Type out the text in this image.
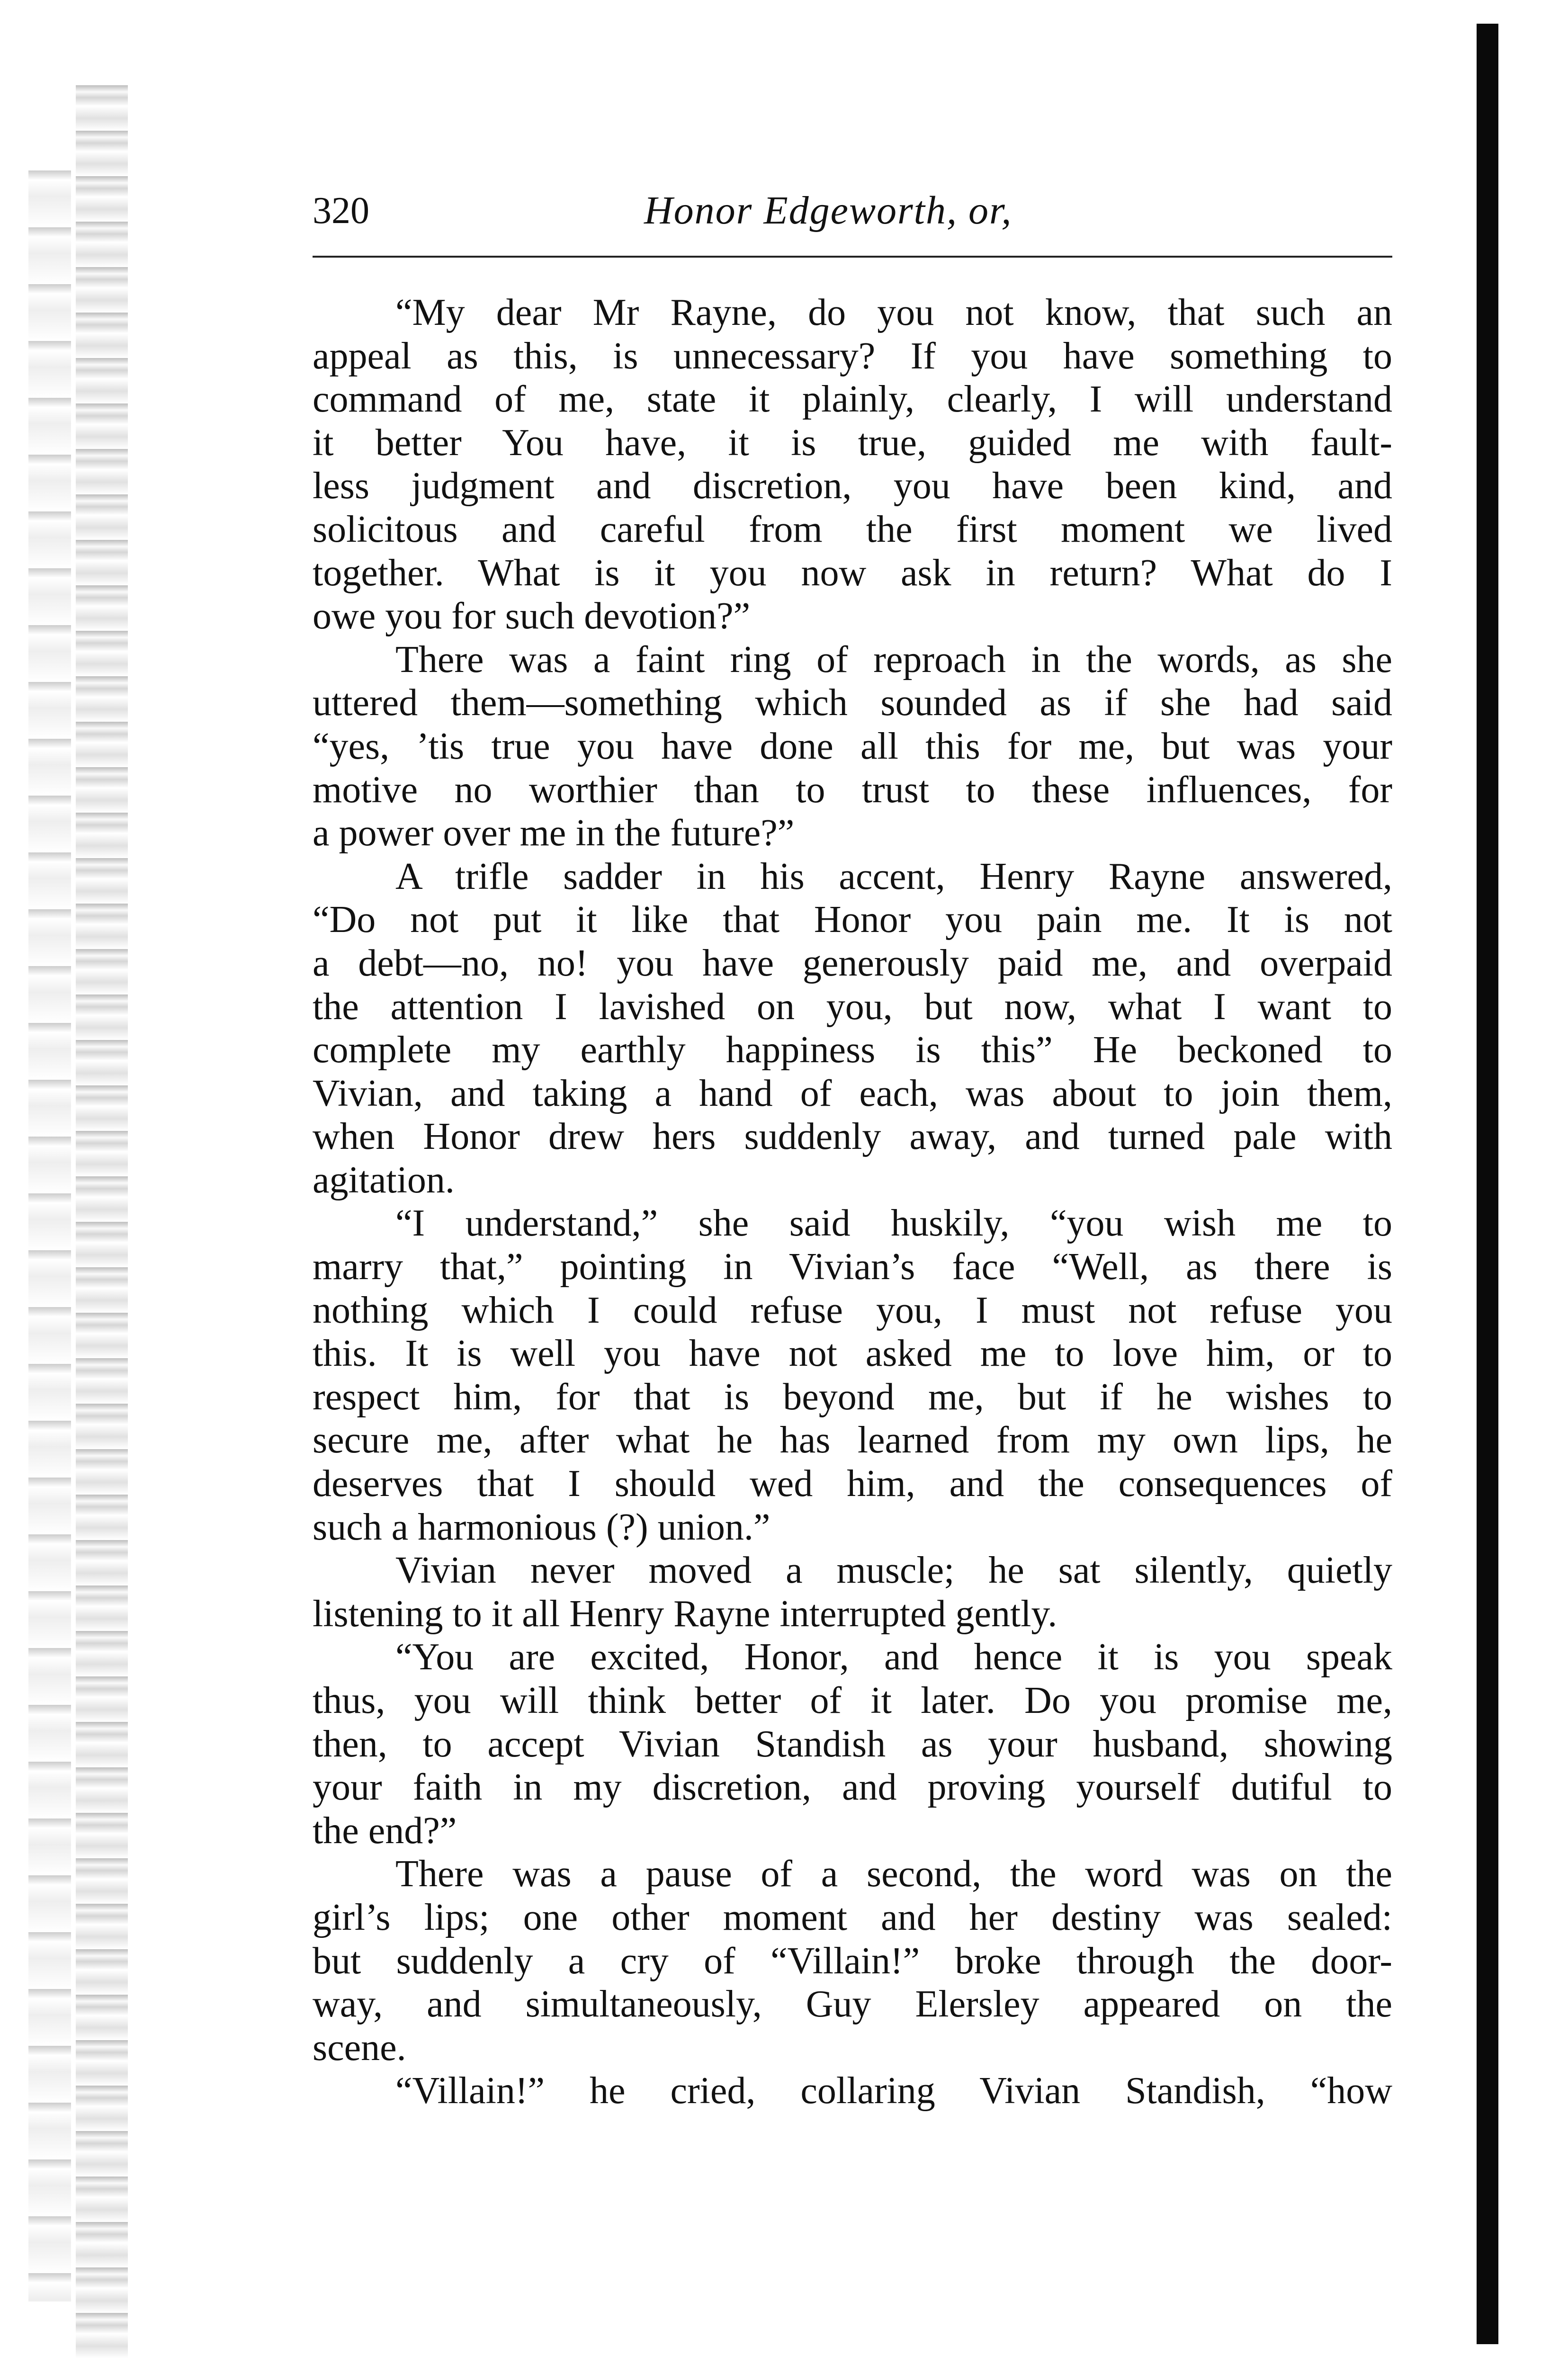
320	Honor Edgeworth, or,
“My dear Mr Rayne, do you not know, that such an
appeal as this, is unnecessary? If you have something to
command of me, state it plainly, clearly, I will understand
it better You have, it is true, guided me with fault-
less judgment and discretion, you have been kind, and
solicitous and careful from the first moment we lived
together. What is it you now ask in return? What do I
owe you for such devotion?”
There was a faint ring of reproach in the words, as she
uttered them—something which sounded as if she had said
“yes, ’tis true you have done all this for me, but was your
motive no worthier than to trust to these influences, for
a power over me in the future?”
A trifle sadder in his accent, Henry Rayne answered,
“Do not put it like that Honor you pain me. It is not
a debt—no, no! you have generously paid me, and overpaid
the attention I lavished on you, but now, what I want to
complete my earthly happiness is this” He beckoned to
Vivian, and taking a hand of each, was about to join them,
when Honor drew hers suddenly away, and turned pale with
agitation.
“I understand,” she said huskily, “you wish me to
marry that,” pointing in Vivian’s face “Well, as there is
nothing which I could refuse you, I must not refuse you
this. It is well you have not asked me to love him, or to
respect him, for that is beyond me, but if he wishes to
secure me, after what he has learned from my own lips, he
deserves that I should wed him, and the consequences of
such a harmonious (?) union.”
Vivian never moved a muscle; he sat silently, quietly
listening to it all Henry Rayne interrupted gently.
“You are excited, Honor, and hence it is you speak
thus, you will think better of it later. Do you promise me,
then, to accept Vivian Standish as your husband, showing
your faith in my discretion, and proving yourself dutiful to
the end?”
There was a pause of a second, the word was on the
girl’s lips; one other moment and her destiny was sealed:
but suddenly a cry of “Villain!” broke through the door-
way, and simultaneously, Guy Elersley appeared on the
scene.
“Villain!” he cried, collaring Vivian Standish, “how
